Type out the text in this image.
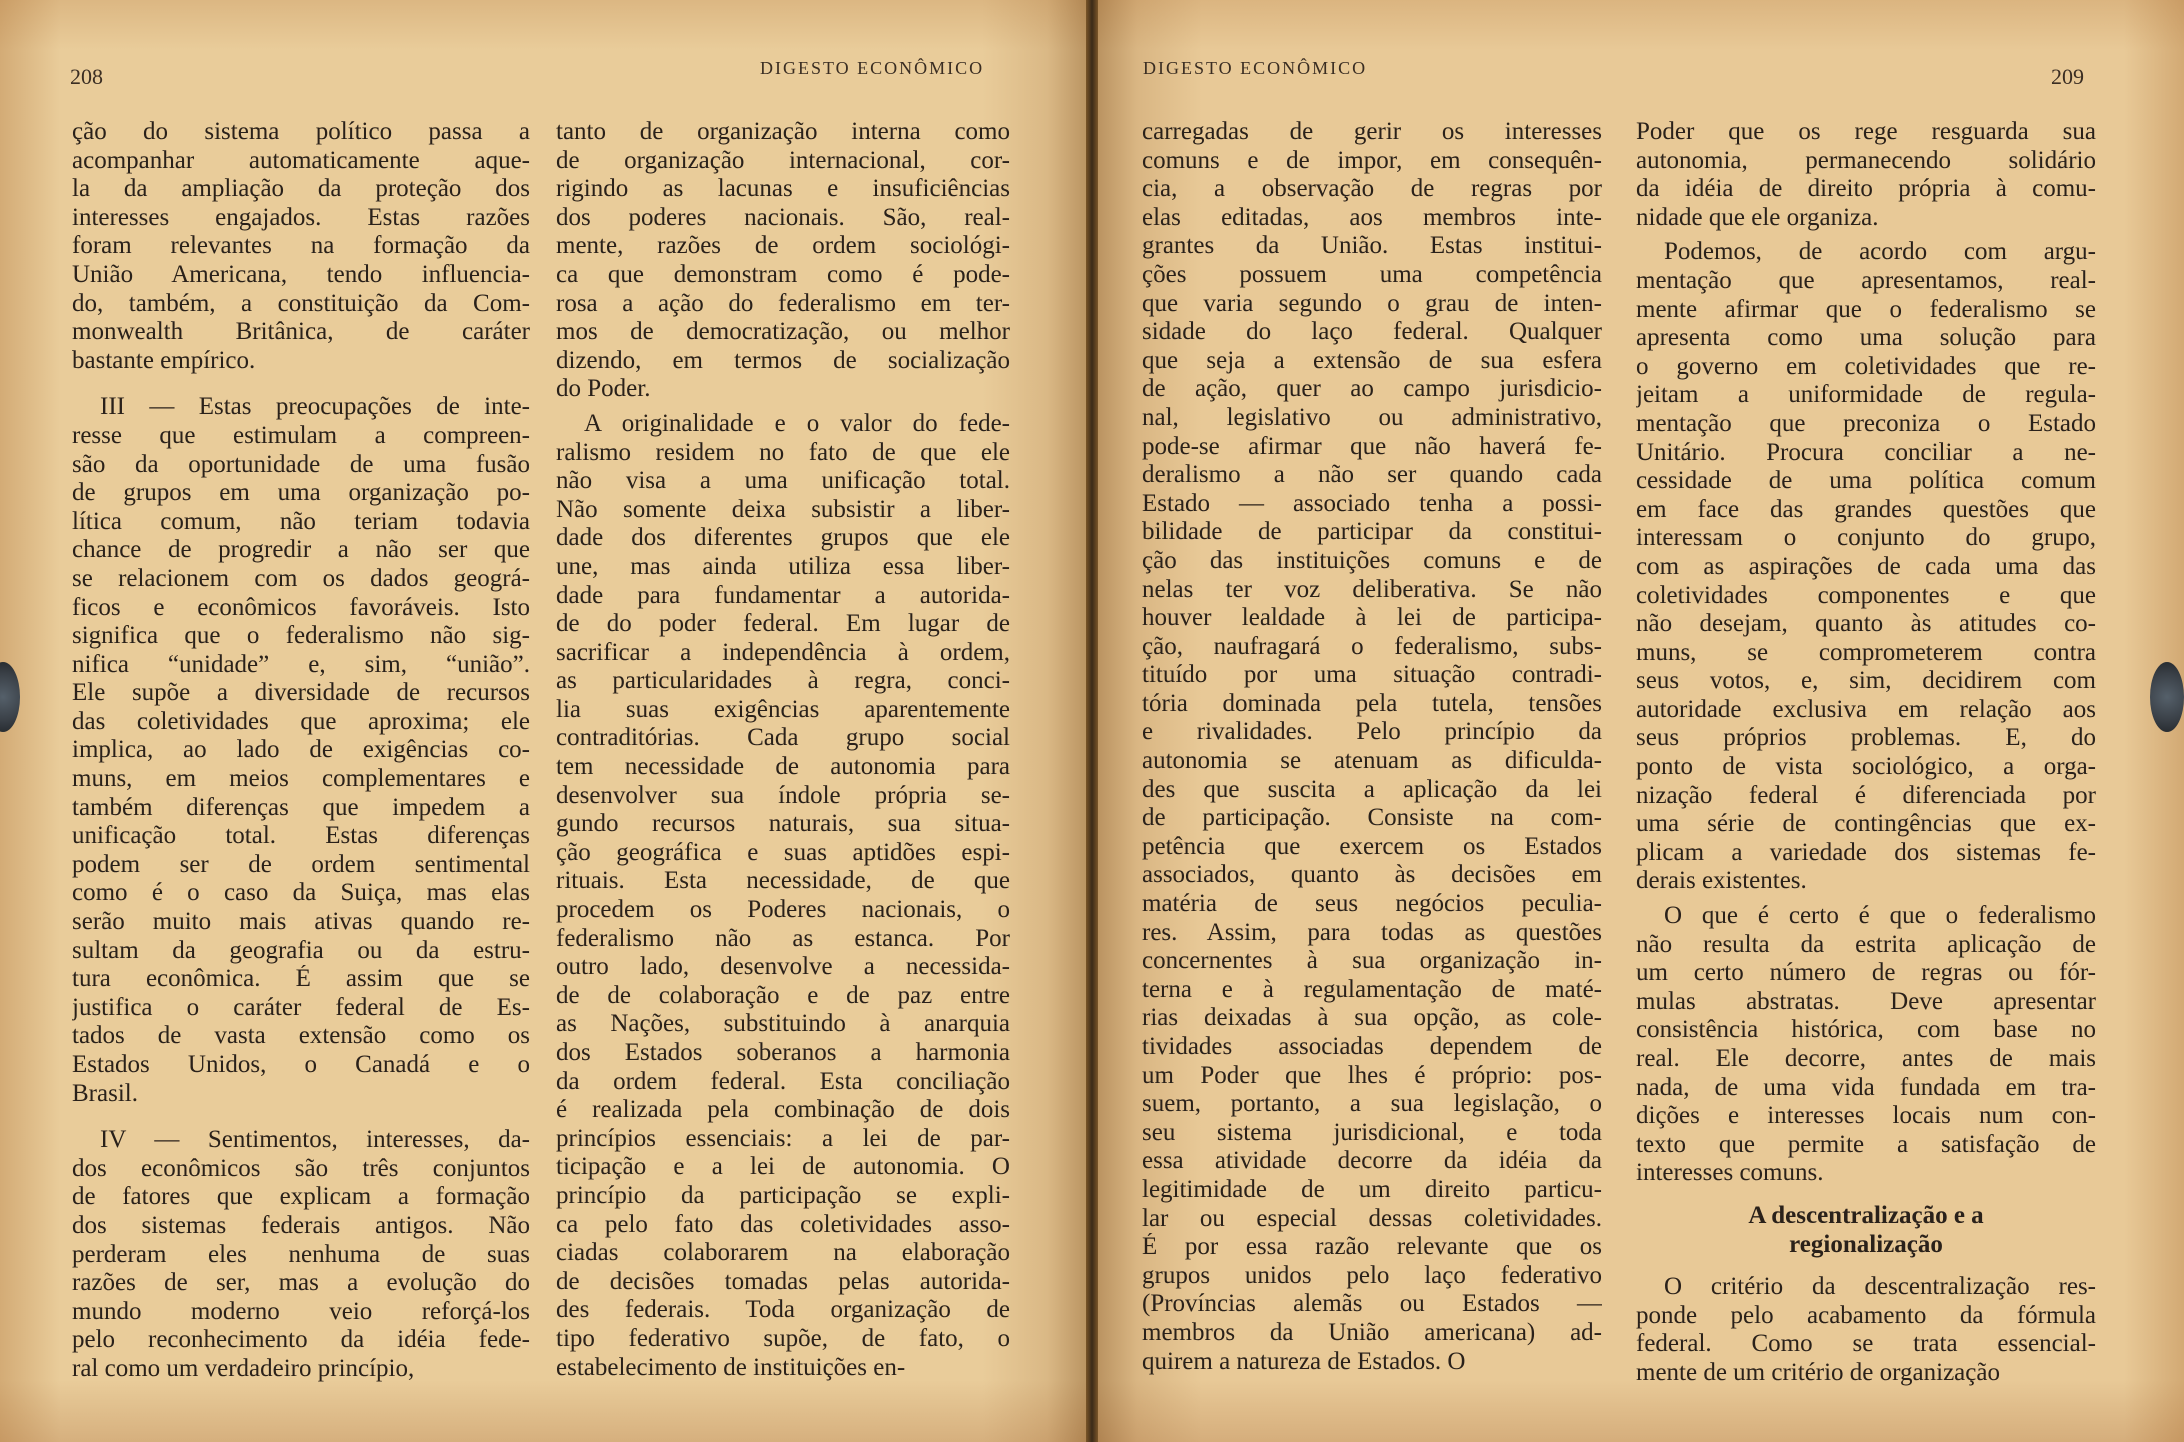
208	DIGESTO ECONÔMICO
ção do sistema político passa a
acompanhar automaticamente aque-
la da ampliação da proteção dos
interesses engajados. Estas razões
foram relevantes na formação da
União Americana, tendo influencia-
do, também, a constituição da Com-
monwealth Britânica, de caráter
bastante empírico.
III — Estas preocupações de inte-
resse que estimulam a compreen-
são da oportunidade de uma fusão
de grupos em uma organização po-
lítica comum, não teriam todavia
chance de progredir a não ser que
se relacionem com os dados geográ-
ficos e econômicos favoráveis. Isto
significa que o federalismo não sig-
nifica “unidade” e, sim, “união”.
Ele supõe a diversidade de recursos
das coletividades que aproxima; ele
implica, ao lado de exigências co-
muns, em meios complementares e
também diferenças que impedem a
unificação total. Estas diferenças
podem ser de ordem sentimental
como é o caso da Suiça, mas elas
serão muito mais ativas quando re-
sultam da geografia ou da estru-
tura econômica. É assim que se
justifica o caráter federal de Es-
tados de vasta extensão como os
Estados Unidos, o Canadá e o
Brasil.
IV — Sentimentos, interesses, da-
dos econômicos são três conjuntos
de fatores que explicam a formação
dos sistemas federais antigos. Não
perderam eles nenhuma de suas
razões de ser, mas a evolução do
mundo moderno veio reforçá-los
pelo reconhecimento da idéia fede-
ral como um verdadeiro princípio,
tanto de organização interna como
de organização internacional, cor-
rigindo as lacunas e insuficiências
dos poderes nacionais. São, real-
mente, razões de ordem sociológi-
ca que demonstram como é pode-
rosa a ação do federalismo em ter-
mos de democratização, ou melhor
dizendo, em termos de socialização
do Poder.
A originalidade e o valor do fede-
ralismo residem no fato de que ele
não visa a uma unificação total.
Não somente deixa subsistir a liber-
dade dos diferentes grupos que ele
une, mas ainda utiliza essa liber-
dade para fundamentar a autorida-
de do poder federal. Em lugar de
sacrificar a independência à ordem,
as particularidades à regra, conci-
lia suas exigências aparentemente
contraditórias. Cada grupo social
tem necessidade de autonomia para
desenvolver sua índole própria se-
gundo recursos naturais, sua situa-
ção geográfica e suas aptidões espi-
rituais. Esta necessidade, de que
procedem os Poderes nacionais, o
federalismo não as estanca. Por
outro lado, desenvolve a necessida-
de de colaboração e de paz entre
as Nações, substituindo à anarquia
dos Estados soberanos a harmonia
da ordem federal. Esta conciliação
é realizada pela combinação de dois
princípios essenciais: a lei de par-
ticipação e a lei de autonomia. O
princípio da participação se expli-
ca pelo fato das coletividades asso-
ciadas colaborarem na elaboração
de decisões tomadas pelas autorida-
des federais. Toda organização de
tipo federativo supõe, de fato, o
estabelecimento de instituições en-
DIGESTO ECONÔMICO	209
carregadas de gerir os interesses
comuns e de impor, em consequên-
cia, a observação de regras por
elas editadas, aos membros inte-
grantes da União. Estas institui-
ções possuem uma competência
que varia segundo o grau de inten-
sidade do laço federal. Qualquer
que seja a extensão de sua esfera
de ação, quer ao campo jurisdicio-
nal, legislativo ou administrativo,
pode-se afirmar que não haverá fe-
deralismo a não ser quando cada
Estado — associado tenha a possi-
bilidade de participar da constitui-
ção das instituições comuns e de
nelas ter voz deliberativa. Se não
houver lealdade à lei de participa-
ção, naufragará o federalismo, subs-
tituído por uma situação contradi-
tória dominada pela tutela, tensões
e rivalidades. Pelo princípio da
autonomia se atenuam as dificulda-
des que suscita a aplicação da lei
de participação. Consiste na com-
petência que exercem os Estados
associados, quanto às decisões em
matéria de seus negócios peculia-
res. Assim, para todas as questões
concernentes à sua organização in-
terna e à regulamentação de maté-
rias deixadas à sua opção, as cole-
tividades associadas dependem de
um Poder que lhes é próprio: pos-
suem, portanto, a sua legislação, o
seu sistema jurisdicional, e toda
essa atividade decorre da idéia da
legitimidade de um direito particu-
lar ou especial dessas coletividades.
É por essa razão relevante que os
grupos unidos pelo laço federativo
(Províncias alemãs ou Estados —
membros da União americana) ad-
quirem a natureza de Estados. O
Poder que os rege resguarda sua
autonomia, permanecendo solidário
da idéia de direito própria à comu-
nidade que ele organiza.
Podemos, de acordo com argu-
mentação que apresentamos, real-
mente afirmar que o federalismo se
apresenta como uma solução para
o governo em coletividades que re-
jeitam a uniformidade de regula-
mentação que preconiza o Estado
Unitário. Procura conciliar a ne-
cessidade de uma política comum
em face das grandes questões que
interessam o conjunto do grupo,
com as aspirações de cada uma das
coletividades componentes e que
não desejam, quanto às atitudes co-
muns, se comprometerem contra
seus votos, e, sim, decidirem com
autoridade exclusiva em relação aos
seus próprios problemas. E, do
ponto de vista sociológico, a orga-
nização federal é diferenciada por
uma série de contingências que ex-
plicam a variedade dos sistemas fe-
derais existentes.
O que é certo é que o federalismo
não resulta da estrita aplicação de
um certo número de regras ou fór-
mulas abstratas. Deve apresentar
consistência histórica, com base no
real. Ele decorre, antes de mais
nada, de uma vida fundada em tra-
dições e interesses locais num con-
texto que permite a satisfação de
interesses comuns.
A descentralização e a
regionalização
O critério da descentralização res-
ponde pelo acabamento da fórmula
federal. Como se trata essencial-
mente de um critério de organização
